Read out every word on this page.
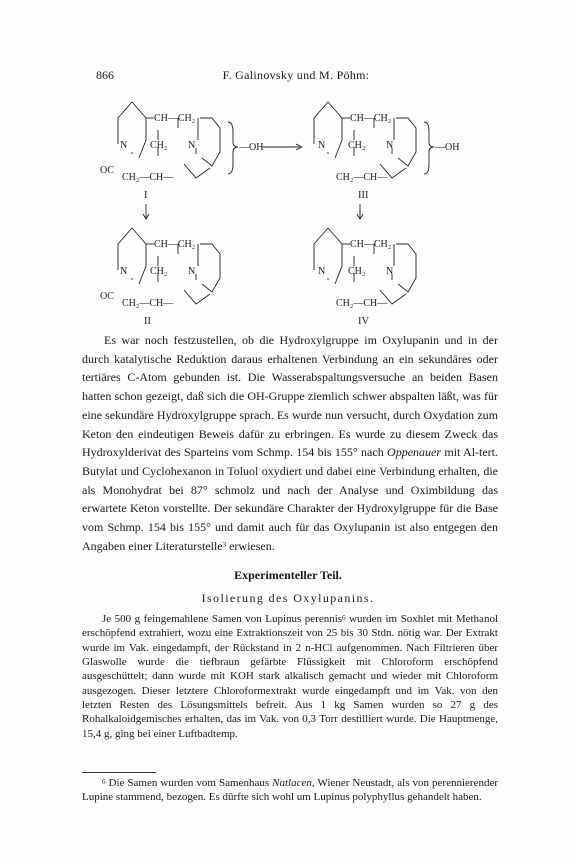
866	F. Galinovsky und M. Pöhm:
CH—CH₂
N CH₂ N
OC
CH₂—CH—
I
—OH
CH—CH₂
N CH₂ N
CH₂—CH—
III
—OH
CH—CH₂
N CH₂ N
OC
CH₂—CH—
II
CH—CH₂
N CH₂ N
CH₂—CH—
IV

Es war noch festzustellen, ob die Hydroxylgruppe im Oxylupanin und in der durch katalytische Reduktion daraus erhaltenen Verbindung an ein sekundäres oder tertiäres C-Atom gebunden ist. Die Wasserabspaltungsversuche an beiden Basen hatten schon gezeigt, daß sich die OH-Gruppe ziemlich schwer abspalten läßt, was für eine sekundäre Hydroxylgruppe sprach. Es wurde nun versucht, durch Oxydation zum Keton den eindeutigen Beweis dafür zu erbringen. Es wurde zu diesem Zweck das Hydroxylderivat des Sparteins vom Schmp. 154 bis 155° nach Oppenauer mit Al-tert. Butylat und Cyclohexanon in Toluol oxydiert und dabei eine Verbindung erhalten, die als Monohydrat bei 87° schmolz und nach der Analyse und Oximbildung das erwartete Keton vorstellte. Der sekundäre Charakter der Hydroxylgruppe für die Base vom Schmp. 154 bis 155° und damit auch für das Oxylupanin ist also entgegen den Angaben einer Literaturstelle$^3$ erwiesen.

Experimenteller Teil.
Isolierung des Oxylupanins.

Je 500 g feingemahlene Samen von Lupinus perennis$^6$ wurden im Soxhlet mit Methanol erschöpfend extrahiert, wozu eine Extraktionszeit von 25 bis 30 Stdn. nötig war. Der Extrakt wurde im Vak. eingedampft, der Rückstand in 2 n-HCl aufgenommen. Nach Filtrieren über Glaswolle wurde die tiefbraun gefärbte Flüssigkeit mit Chloroform erschöpfend ausgeschüttelt; dann wurde mit KOH stark alkalisch gemacht und wieder mit Chloroform ausgezogen. Dieser letztere Chloroformextrakt wurde eingedampft und im Vak. von den letzten Resten des Lösungsmittels befreit. Aus 1 kg Samen wurden so 27 g des Rohalkaloidgemisches erhalten, das im Vak. von 0,3 Torr destilliert wurde. Die Hauptmenge, 15,4 g, ging bei einer Luftbadtemp.

$^6$ Die Samen wurden vom Samenhaus Natlacen, Wiener Neustadt, als von perennierender Lupine stammend, bezogen. Es dürfte sich wohl um Lupinus polyphyllus gehandelt haben.
